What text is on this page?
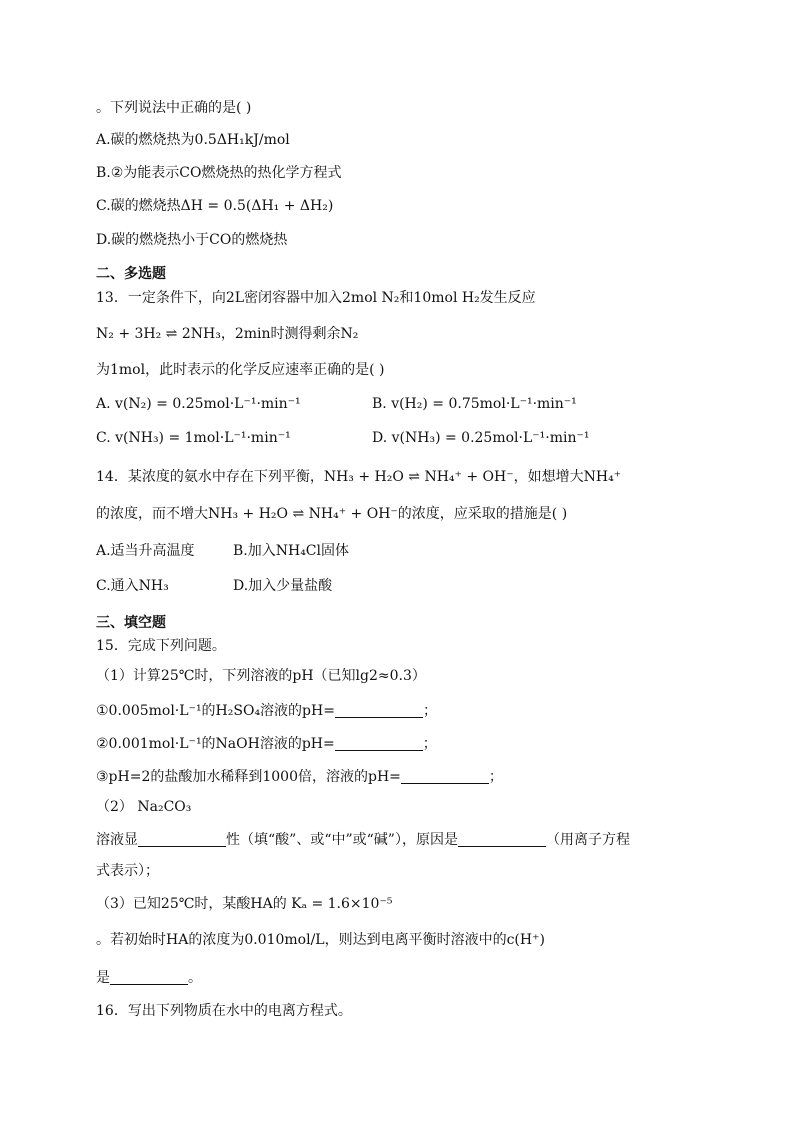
。下列说法中正确的是( )
A.碳的燃烧热为0.5ΔH₁kJ/mol
B.②为能表示CO燃烧热的热化学方程式
C.碳的燃烧热ΔH = 0.5(ΔH₁ + ΔH₂)
D.碳的燃烧热小于CO的燃烧热
二、多选题
13．一定条件下，向2L密闭容器中加入2mol N₂和10mol H₂发生反应
N₂ + 3H₂ ⇌ 2NH₃，2min时测得剩余N₂
为1mol，此时表示的化学反应速率正确的是( )
A. v(N₂) = 0.25mol·L⁻¹·min⁻¹	B. v(H₂) = 0.75mol·L⁻¹·min⁻¹
C. v(NH₃) = 1mol·L⁻¹·min⁻¹	D. v(NH₃) = 0.25mol·L⁻¹·min⁻¹
14．某浓度的氨水中存在下列平衡，NH₃ + H₂O ⇌ NH₄⁺ + OH⁻，如想增大NH₄⁺
的浓度，而不增大NH₃ + H₂O ⇌ NH₄⁺ + OH⁻的浓度，应采取的措施是( )
A.适当升高温度	B.加入NH₄Cl固体
C.通入NH₃	D.加入少量盐酸
三、填空题
15．完成下列问题。
（1）计算25℃时，下列溶液的pH（已知lg2≈0.3）
①0.005mol·L⁻¹的H₂SO₄溶液的pH=	；
②0.001mol·L⁻¹的NaOH溶液的pH=	；
③pH=2的盐酸加水稀释到1000倍，溶液的pH=	；
（2） Na₂CO₃
溶液显	性（填“酸”、或“中”或“碱”），原因是	（用离子方程
式表示）；
（3）已知25℃时，某酸HA的 Kₐ = 1.6×10⁻⁵
。若初始时HA的浓度为0.010mol/L，则达到电离平衡时溶液中的c(H⁺)
是	。
16．写出下列物质在水中的电离方程式。
